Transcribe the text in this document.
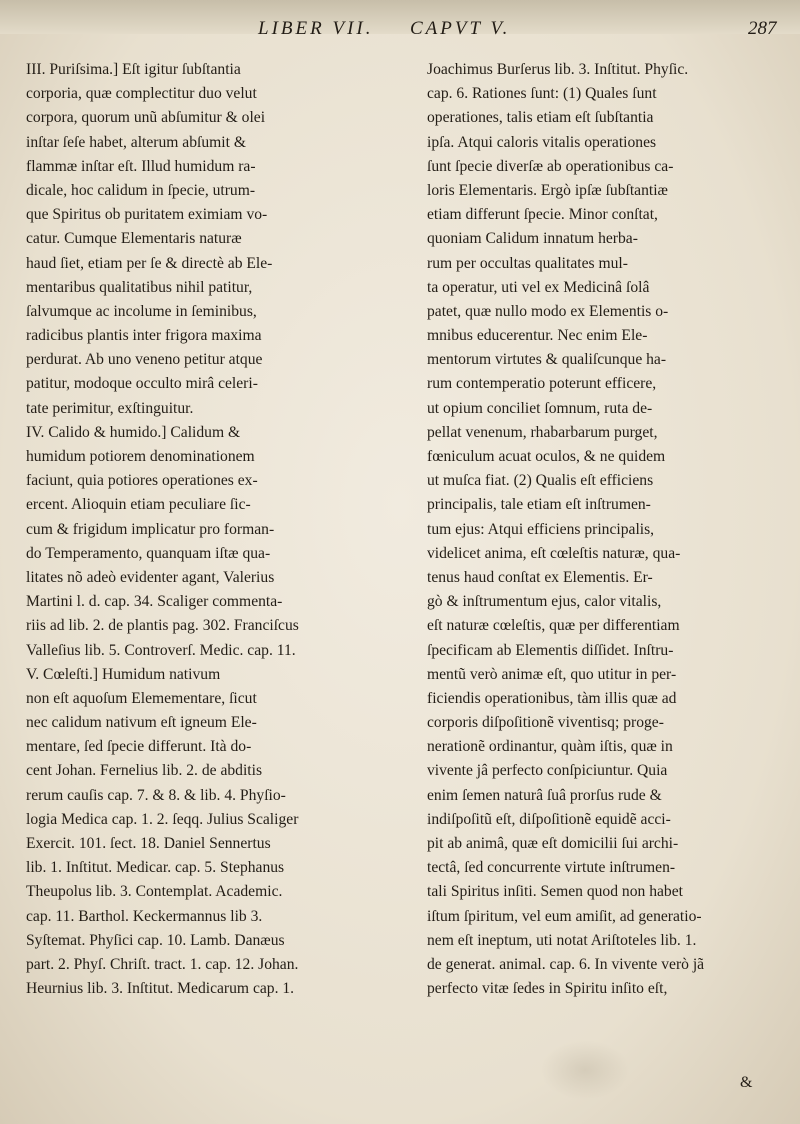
LIBER VII. CAPVT V.	287
III. Puriſsima.] Eſt igitur ſubſtantia
corporia, quæ complectitur duo velut
corpora, quorum unũ abſumitur & olei
inſtar ſeſe habet, alterum abſumit &
flammæ inſtar eſt. Illud humidum ra-
dicale, hoc calidum in ſpecie, utrum-
que Spiritus ob puritatem eximiam vo-
catur. Cumque Elementaris naturæ
haud ſiet, etiam per ſe & directè ab Ele-
mentaribus qualitatibus nihil patitur,
ſalvumque ac incolume in ſeminibus,
radicibus plantis inter frigora maxima
perdurat. Ab uno veneno petitur atque
patitur, modoque occulto mirâ celeri-
tate perimitur, exſtinguitur.
IV. Calido & humido.] Calidum &
humidum potiorem denominationem
faciunt, quia potiores operationes ex-
ercent. Alioquin etiam peculiare ſic-
cum & frigidum implicatur pro forman-
do Temperamento, quanquam iſtæ qua-
litates nõ adeò evidenter agant, Valerius
Martini l. d. cap. 34. Scaliger commenta-
riis ad lib. 2. de plantis pag. 302. Franciſcus
Valleſius lib. 5. Controverſ. Medic. cap. 11.
V. Cœleſti.] Humidum nativum
non eſt aquoſum Elemementare, ſicut
nec calidum nativum eſt igneum Ele-
mentare, ſed ſpecie differunt. Ità do-
cent Johan. Fernelius lib. 2. de abditis
rerum cauſis cap. 7. & 8. & lib. 4. Phyſio-
logia Medica cap. 1. 2. ſeqq. Julius Scaliger
Exercit. 101. ſect. 18. Daniel Sennertus
lib. 1. Inſtitut. Medicar. cap. 5. Stephanus
Theupolus lib. 3. Contemplat. Academic.
cap. 11. Barthol. Keckermannus lib 3.
Syſtemat. Phyſici cap. 10. Lamb. Danæus
part. 2. Phyſ. Chriſt. tract. 1. cap. 12. Johan.
Heurnius lib. 3. Inſtitut. Medicarum cap. 1.
Joachimus Burſerus lib. 3. Inſtitut. Phyſic.
cap. 6. Rationes ſunt: (1) Quales ſunt
operationes, talis etiam eſt ſubſtantia
ipſa. Atqui caloris vitalis operationes
ſunt ſpecie diverſæ ab operationibus ca-
loris Elementaris. Ergò ipſæ ſubſtantiæ
etiam differunt ſpecie. Minor conſtat,
quoniam Calidum innatum herba-
rum per occultas qualitates mul-
ta operatur, uti vel ex Medicinâ ſolâ
patet, quæ nullo modo ex Elementis o-
mnibus educerentur. Nec enim Ele-
mentorum virtutes & qualiſcunque ha-
rum contemperatio poterunt efficere,
ut opium conciliet ſomnum, ruta de-
pellat venenum, rhabarbarum purget,
fœniculum acuat oculos, & ne quidem
ut muſca fiat. (2) Qualis eſt efficiens
principalis, tale etiam eſt inſtrumen-
tum ejus: Atqui efficiens principalis,
videlicet anima, eſt cœleſtis naturæ, qua-
tenus haud conſtat ex Elementis. Er-
gò & inſtrumentum ejus, calor vitalis,
eſt naturæ cœleſtis, quæ per differentiam
ſpecificam ab Elementis diſſidet. Inſtru-
mentũ verò animæ eſt, quo utitur in per-
ficiendis operationibus, tàm illis quæ ad
corporis diſpoſitionẽ viventisq; proge-
nerationẽ ordinantur, quàm iſtis, quæ in
vivente jâ perfecto conſpiciuntur. Quia
enim ſemen naturâ ſuâ prorſus rude &
indiſpoſitũ eſt, diſpoſitionẽ equidẽ acci-
pit ab animâ, quæ eſt domicilii ſui archi-
tectâ, ſed concurrente virtute inſtrumen-
tali Spiritus inſiti. Semen quod non habet
iſtum ſpiritum, vel eum amiſit, ad generatio-
nem eſt ineptum, uti notat Ariſtoteles lib. 1.
de generat. animal. cap. 6. In vivente verò jã
perfecto vitæ ſedes in Spiritu inſito eſt,
&
